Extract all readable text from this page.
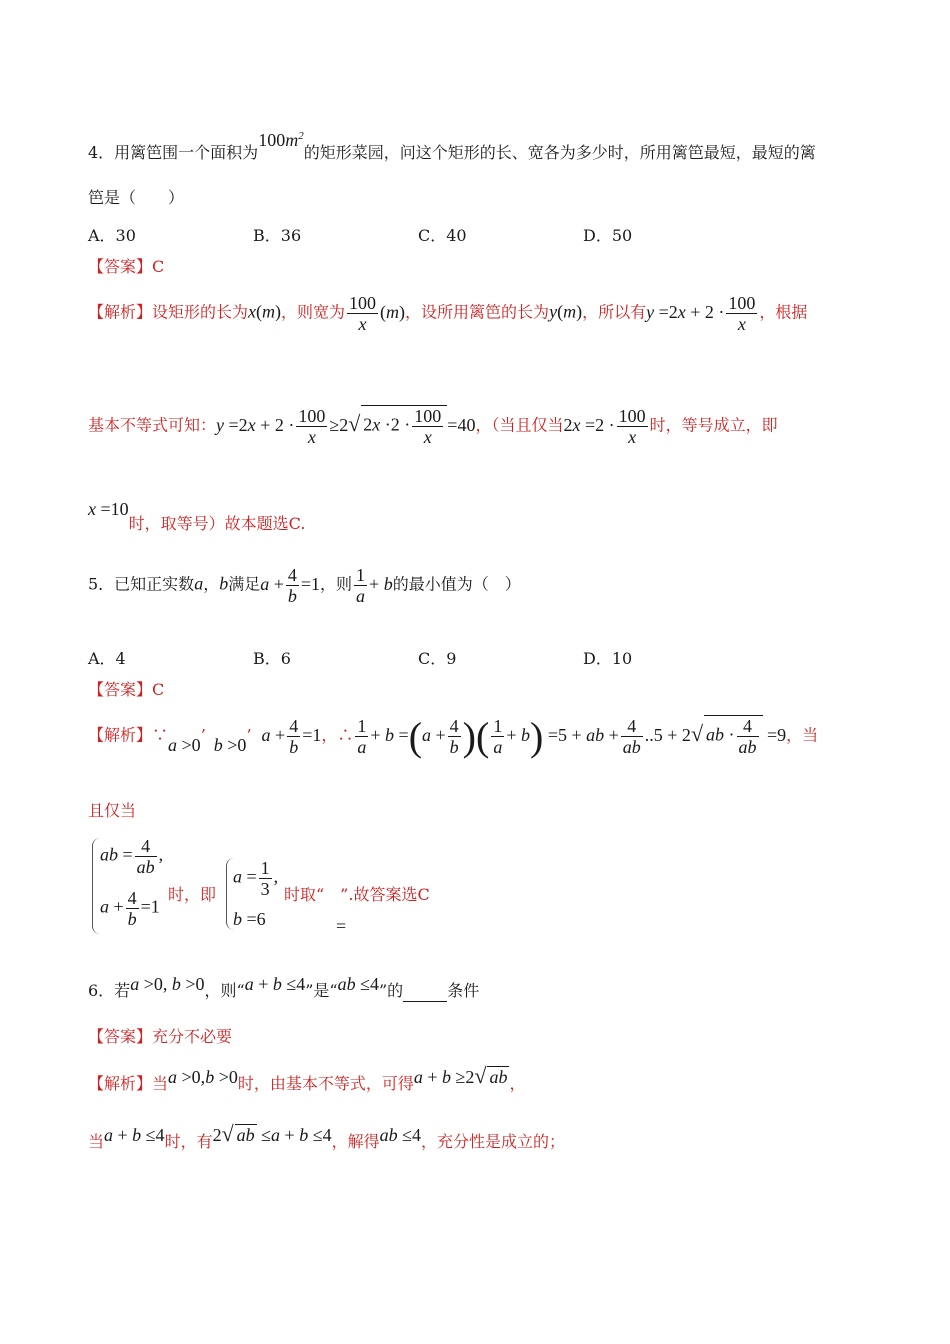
4．用篱笆围一个面积为$100m^2$的矩形菜园，问这个矩形的长、宽各为多少时，所用篱笆最短，最短的篱
笆是（　　）
A．30	B．36	C．40	D．50
【答案】C
【解析】设矩形的长为x(m)，则宽为 $\frac{100}{x} (m)$，设所用篱笆的长为y(m)，所以有$y =2x + 2 \cdot \frac{100}{x}$ ，根据
基本不等式可知：$y =2x + 2 \cdot \frac{100}{x} \ge 2√$ $2x \cdot 2 \cdot \frac{100}{x} =40$，（当且仅当$2x =2 \cdot \frac{100}{x}$ 时，等号成立，即
x =10时，取等号）故本题选C.
5．已知正实数a，b满足$a + \frac{4}{b} =1$，则 $\frac{1}{a} + b$的最小值为（　）
A．4	B．6	C．9	D．10
【答案】C
【解析】∵a >0’ b >0’ $a + \frac{4}{b} =1$，∴ $\frac{1}{a} + b =(a + \frac{4}{b}$ )( $\frac{1}{a} + b) =5$ + ab + $\frac{4}{ab} ..5 + 2√$ ab · $\frac{4}{ab} =9$，当
且仅当
ab = $\frac{4}{ab}$ ,
$a + \frac{4}{b} =1$
时，即
$a = \frac{1}{3}$ ,
b =6
时取“　”.故答案选C
=
6．若a >0, b >0，则“a + b ≤4”是“ab ≤4”的	条件
【答案】充分不必要
【解析】当a >0,b >0时，由基本不等式，可得a + b ≥2√ ab ，
当a + b ≤4时，有2√ ab ≤a + b ≤4，解得ab ≤4，充分性是成立的；
